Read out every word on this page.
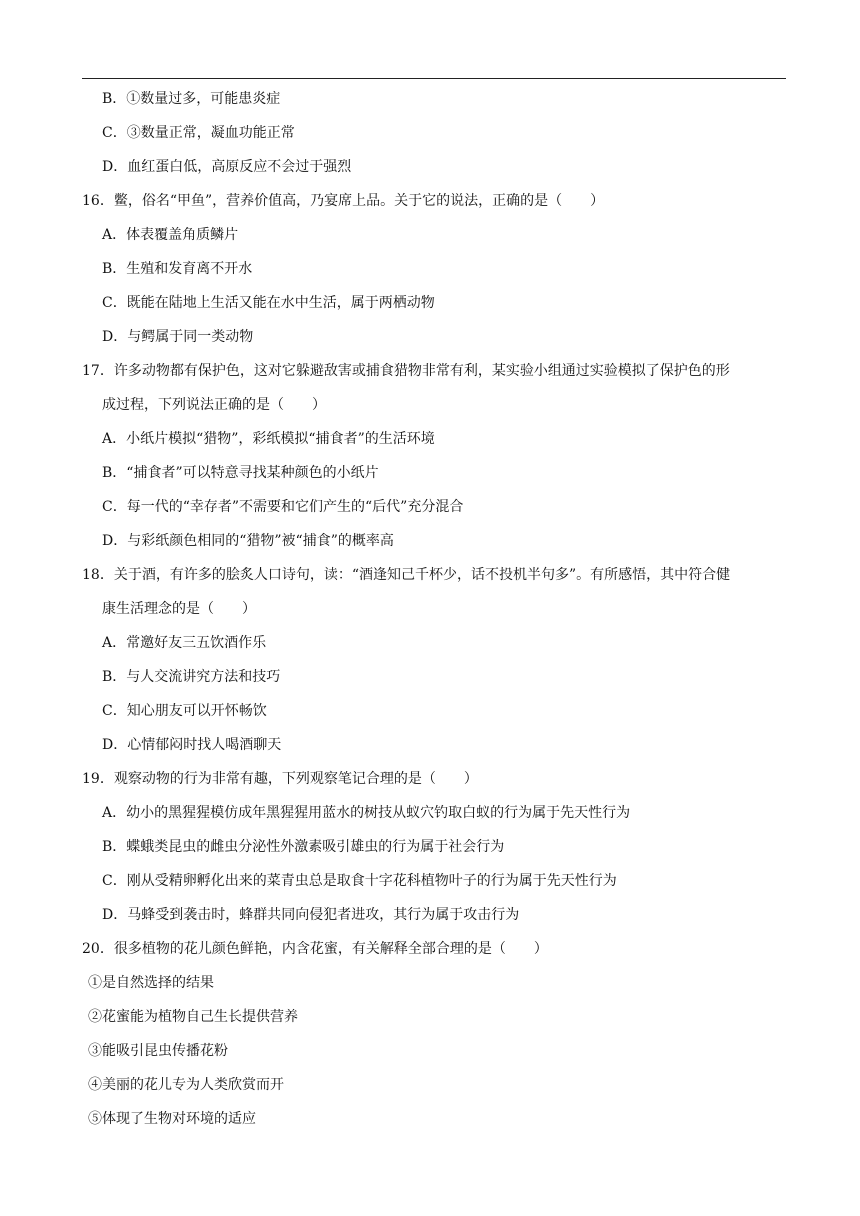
B．①数量过多，可能患炎症
C．③数量正常，凝血功能正常
D．血红蛋白低，高原反应不会过于强烈
16．鳖，俗名“甲鱼”，营养价值高，乃宴席上品。关于它的说法，正确的是（　　）
A．体表覆盖角质鳞片
B．生殖和发育离不开水
C．既能在陆地上生活又能在水中生活，属于两栖动物
D．与鳄属于同一类动物
17．许多动物都有保护色，这对它躲避敌害或捕食猎物非常有利，某实验小组通过实验模拟了保护色的形
成过程，下列说法正确的是（　　）
A．小纸片模拟“猎物”，彩纸模拟“捕食者”的生活环境
B．“捕食者”可以特意寻找某种颜色的小纸片
C．每一代的“幸存者”不需要和它们产生的“后代”充分混合
D．与彩纸颜色相同的“猎物”被“捕食”的概率高
18．关于酒，有许多的脍炙人口诗句，读：“酒逢知己千杯少，话不投机半句多”。有所感悟，其中符合健
康生活理念的是（　　）
A．常邀好友三五饮酒作乐
B．与人交流讲究方法和技巧
C．知心朋友可以开怀畅饮
D．心情郁闷时找人喝酒聊天
19．观察动物的行为非常有趣，下列观察笔记合理的是（　　）
A．幼小的黑猩猩模仿成年黑猩猩用蓝水的树技从蚁穴钓取白蚁的行为属于先天性行为
B．蝶蛾类昆虫的雌虫分泌性外激素吸引雄虫的行为属于社会行为
C．刚从受精卵孵化出来的菜青虫总是取食十字花科植物叶子的行为属于先天性行为
D．马蜂受到袭击时，蜂群共同向侵犯者进攻，其行为属于攻击行为
20．很多植物的花儿颜色鲜艳，内含花蜜，有关解释全部合理的是（　　）
①是自然选择的结果
②花蜜能为植物自己生长提供营养
③能吸引昆虫传播花粉
④美丽的花儿专为人类欣赏而开
⑤体现了生物对环境的适应
